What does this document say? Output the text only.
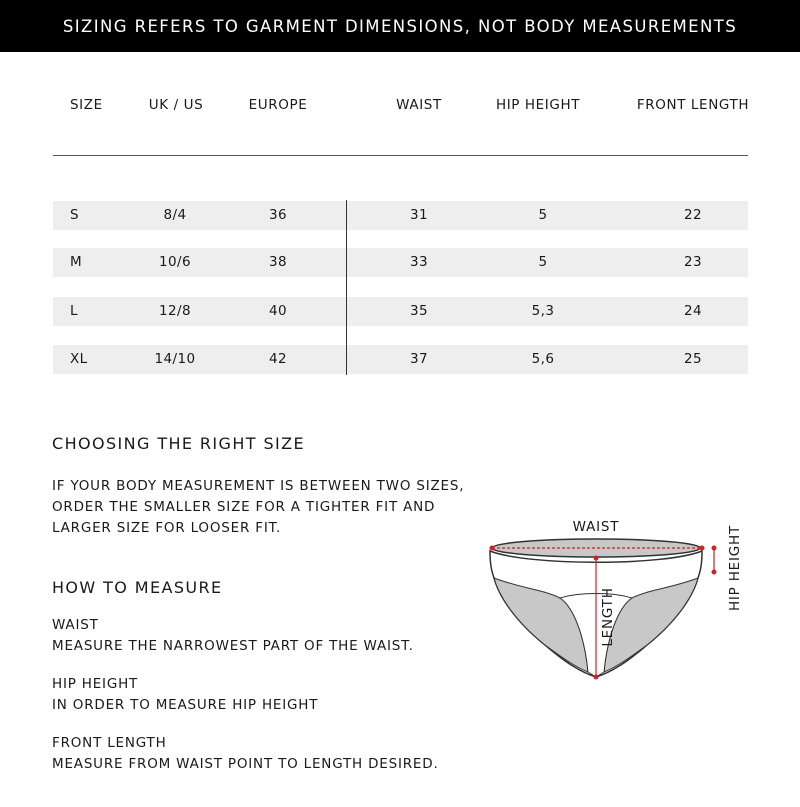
SIZING REFERS TO GARMENT DIMENSIONS, NOT BODY MEASUREMENTS
SIZE	UK / US	EUROPE	WAIST	HIP HEIGHT	FRONT LENGTH
S	8/4	36	31	5	22
M	10/6	38	33	5	23
L	12/8	40	35	5,3	24
XL	14/10	42	37	5,6	25
CHOOSING THE RIGHT SIZE
IF YOUR BODY MEASUREMENT IS BETWEEN TWO SIZES,
ORDER THE SMALLER SIZE FOR A TIGHTER FIT AND
LARGER SIZE FOR LOOSER FIT.
HOW TO MEASURE
WAIST
MEASURE THE NARROWEST PART OF THE WAIST.
HIP HEIGHT
IN ORDER TO MEASURE HIP HEIGHT
FRONT LENGTH
MEASURE FROM WAIST POINT TO LENGTH DESIRED.
WAIST
LENGTH
HIP HEIGHT
